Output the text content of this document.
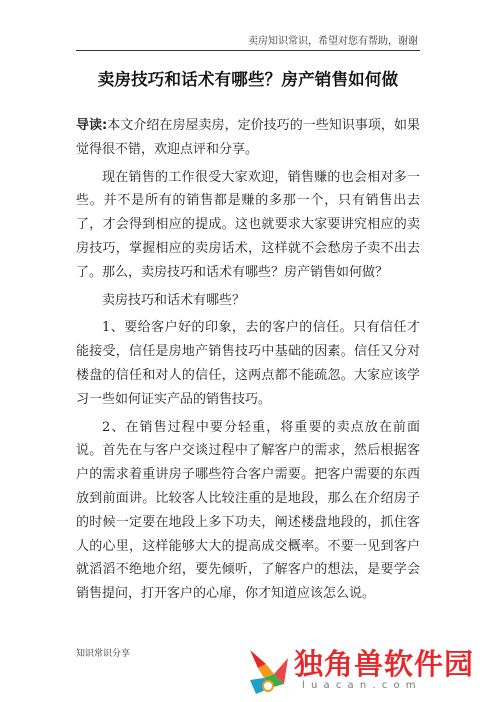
卖房知识常识，希望对您有帮助，谢谢
卖房技巧和话术有哪些？房产销售如何做

导读:本文介绍在房屋卖房，定价技巧的一些知识事项，如果觉得很不错，欢迎点评和分享。

现在销售的工作很受大家欢迎，销售赚的也会相对多一些。并不是所有的销售都是赚的多那一个，只有销售出去了，才会得到相应的提成。这也就要求大家要讲究相应的卖房技巧，掌握相应的卖房话术，这样就不会愁房子卖不出去了。那么，卖房技巧和话术有哪些？房产销售如何做？

卖房技巧和话术有哪些？

1、要给客户好的印象，去的客户的信任。只有信任才能接受，信任是房地产销售技巧中基础的因素。信任又分对楼盘的信任和对人的信任，这两点都不能疏忽。大家应该学习一些如何证实产品的销售技巧。

2、在销售过程中要分轻重，将重要的卖点放在前面说。首先在与客户交谈过程中了解客户的需求，然后根据客户的需求着重讲房子哪些符合客户需要。把客户需要的东西放到前面讲。比较客人比较注重的是地段，那么在介绍房子的时候一定要在地段上多下功夫，阐述楼盘地段的，抓住客人的心里，这样能够大大的提高成交概率。不要一见到客户就滔滔不绝地介绍，要先倾听，了解客户的想法，是要学会销售提问，打开客户的心扉，你才知道应该怎么说。

知识常识分享	独角兽软件园
luacan.com
